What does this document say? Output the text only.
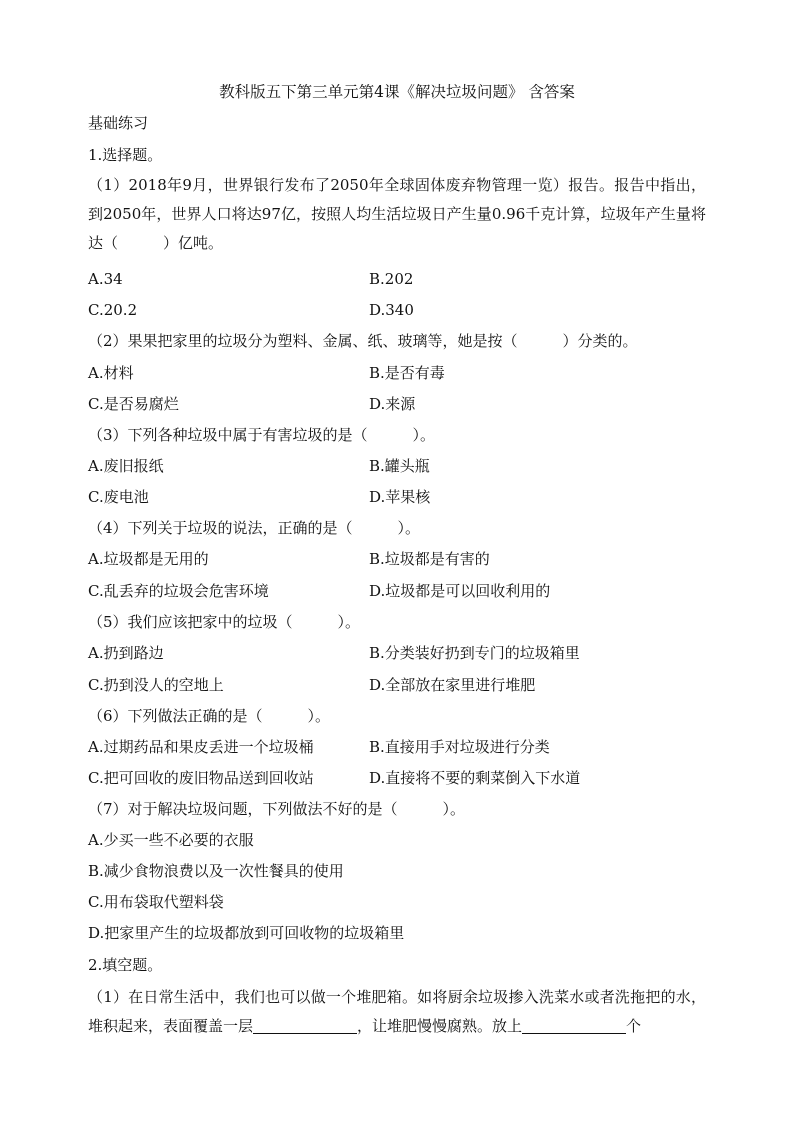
教科版五下第三单元第4课《解决垃圾问题》 含答案
基础练习
1.选择题。
（1）2018年9月，世界银行发布了2050年全球固体废弃物管理一览）报告。报告中指出，到2050年，世界人口将达97亿，按照人均生活垃圾日产生量0.96千克计算，垃圾年产生量将达（　　　）亿吨。
A.34	B.202
C.20.2	D.340
（2）果果把家里的垃圾分为塑料、金属、纸、玻璃等，她是按（　　　）分类的。
A.材料	B.是否有毒
C.是否易腐烂	D.来源
（3）下列各种垃圾中属于有害垃圾的是（　　　）。
A.废旧报纸	B.罐头瓶
C.废电池	D.苹果核
（4）下列关于垃圾的说法，正确的是（　　　）。
A.垃圾都是无用的	B.垃圾都是有害的
C.乱丢弃的垃圾会危害环境	D.垃圾都是可以回收利用的
（5）我们应该把家中的垃圾（　　　）。
A.扔到路边	B.分类装好扔到专门的垃圾箱里
C.扔到没人的空地上	D.全部放在家里进行堆肥
（6）下列做法正确的是（　　　）。
A.过期药品和果皮丢进一个垃圾桶	B.直接用手对垃圾进行分类
C.把可回收的废旧物品送到回收站	D.直接将不要的剩菜倒入下水道
（7）对于解决垃圾问题，下列做法不好的是（　　　）。
A.少买一些不必要的衣服
B.减少食物浪费以及一次性餐具的使用
C.用布袋取代塑料袋
D.把家里产生的垃圾都放到可回收物的垃圾箱里
2.填空题。
（1）在日常生活中，我们也可以做一个堆肥箱。如将厨余垃圾掺入洗菜水或者洗拖把的水，堆积起来，表面覆盖一层	，让堆肥慢慢腐熟。放上	个
